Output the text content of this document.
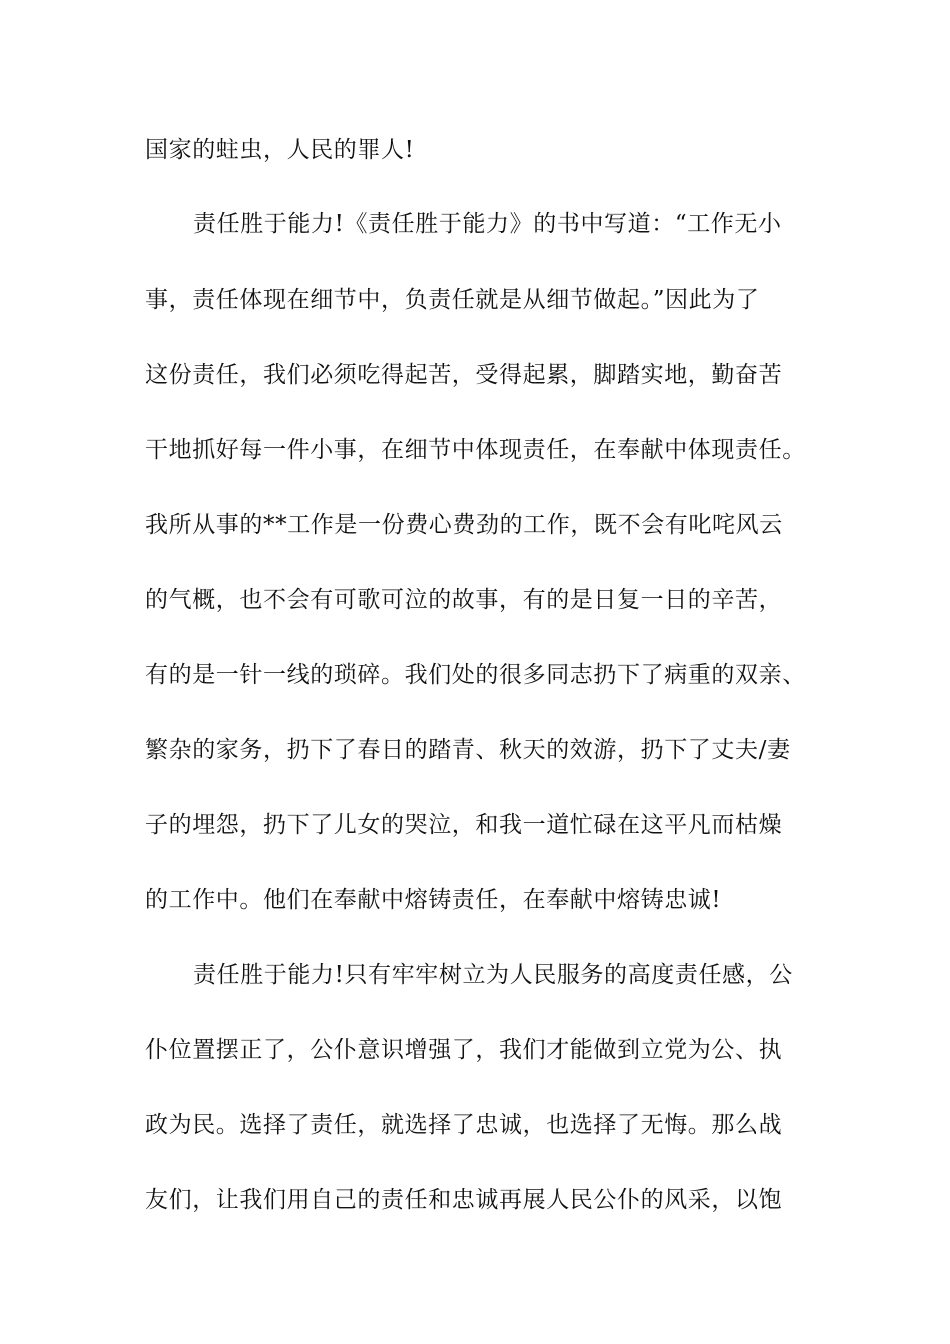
国家的蛀虫，人民的罪人!
责任胜于能力!《责任胜于能力》的书中写道：“工作无小
事，责任体现在细节中，负责任就是从细节做起。”因此为了
这份责任，我们必须吃得起苦，受得起累，脚踏实地，勤奋苦
干地抓好每一件小事，在细节中体现责任，在奉献中体现责任。
我所从事的**工作是一份费心费劲的工作，既不会有叱咤风云
的气概，也不会有可歌可泣的故事，有的是日复一日的辛苦，
有的是一针一线的琐碎。我们处的很多同志扔下了病重的双亲、
繁杂的家务，扔下了春日的踏青、秋天的效游，扔下了丈夫/妻
子的埋怨，扔下了儿女的哭泣，和我一道忙碌在这平凡而枯燥
的工作中。他们在奉献中熔铸责任，在奉献中熔铸忠诚!
责任胜于能力!只有牢牢树立为人民服务的高度责任感，公
仆位置摆正了，公仆意识增强了，我们才能做到立党为公、执
政为民。选择了责任，就选择了忠诚，也选择了无悔。那么战
友们，让我们用自己的责任和忠诚再展人民公仆的风采，以饱
